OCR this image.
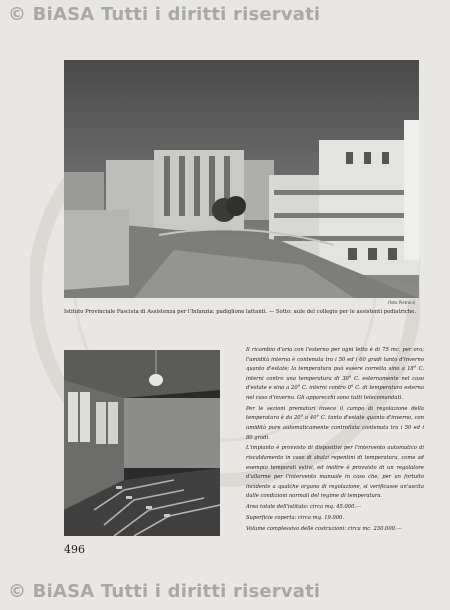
© BiASA Tutti i diritti riservati
(foto Pietroni)
Istituto Provinciale Fascista di Assistenza per l'Infanzia: padiglione lattanti. — Sotto: aule del collegio per le assistenti pediatriche.

Il ricambio d'aria con l'esterno per ogni letto è di 75 mc. per ora; l'umidità interna è contenuta tra i 50 ed i 60 gradi tanto d'inverno quanto d'estate; la temperatura può essere corretta sino a 18° C. interni contro una temperatura di 30° C. esternamente nel caso d'estate e sino a 20° C. interni contro 0° C. di temperatura esterna nel caso d'inverno. Gli apparecchi sono tutti telecomandati.

Per le sezioni prematuri invece il campo di regolazione della temperatura è da 20° a 40° C. tanto d'estate quanto d'inverno, con umidità pure automaticamente controllata contenuta tra i 50 ed i 80 gradi.

L'impianto è provvisto di dispositivi per l'intervento automatico di riscaldamento in caso di sbalzi repentini di temperatura, come ad esempio temporali estivi, ed inoltre è provvisto di un regolatore d'allarme per l'intervento manuale in caso che, per un fortuito incidente a qualche organo di regolazione, si verificasse un'uscita dalle condizioni normali del regime di temperatura.

Area totale dell'istituto: circa mq. 45.000.—

Superficie coperta: circa mq. 19.000.

Volume complessivo delle costruzioni: circa mc. 230.000.—

496
© BiASA Tutti i diritti riservati
